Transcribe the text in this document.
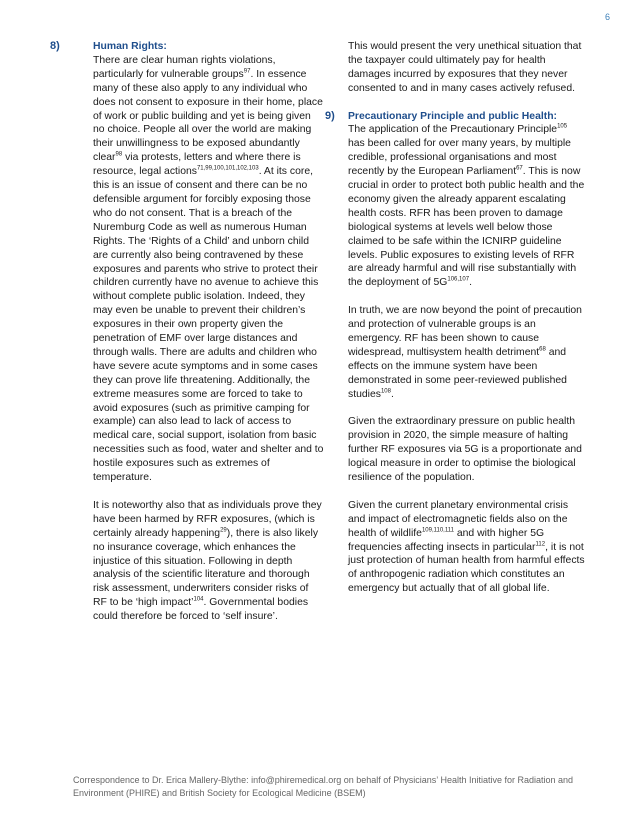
6
8)	Human Rights:

There are clear human rights violations, particularly for vulnerable groups$^{97}$. In essence many of these also apply to any individual who does not consent to exposure in their home, place of work or public building and yet is being given no choice. People all over the world are making their unwillingness to be exposed abundantly clear$^{98}$ via protests, letters and where there is resource, legal actions$^{71,99,100,101,102,103}$. At its core, this is an issue of consent and there can be no defensible argument for forcibly exposing those who do not consent. That is a breach of the Nuremburg Code as well as numerous Human Rights. The ‘Rights of a Child’ and unborn child are currently also being contravened by these exposures and parents who strive to protect their children currently have no avenue to achieve this without complete public isolation. Indeed, they may even be unable to prevent their children’s exposures in their own property given the penetration of EMF over large distances and through walls. There are adults and children who have severe acute symptoms and in some cases they can prove life threatening. Additionally, the extreme measures some are forced to take to avoid exposures (such as primitive camping for example) can also lead to lack of access to medical care, social support, isolation from basic necessities such as food, water and shelter and to hostile exposures such as extremes of temperature.

It is noteworthy also that as individuals prove they have been harmed by RFR exposures, (which is certainly already happening$^{29}$), there is also likely no insurance coverage, which enhances the injustice of this situation. Following in depth analysis of the scientific literature and thorough risk assessment, underwriters consider risks of RF to be ‘high impact’$^{104}$. Governmental bodies could therefore be forced to ‘self insure’.

This would present the very unethical situation that the taxpayer could ultimately pay for health damages incurred by exposures that they never consented to and in many cases actively refused.

9) Precautionary Principle and public Health:

The application of the Precautionary Principle$^{105}$ has been called for over many years, by multiple credible, professional organisations and most recently by the European Parliament$^{67}$. This is now crucial in order to protect both public health and the economy given the already apparent escalating health costs. RFR has been proven to damage biological systems at levels well below those claimed to be safe within the ICNIRP guideline levels. Public exposures to existing levels of RFR are already harmful and will rise substantially with the deployment of $5G^{106,107}$.

In truth, we are now beyond the point of precaution and protection of vulnerable groups is an emergency. RF has been shown to cause widespread, multisystem health detriment$^{68}$ and effects on the immune system have been demonstrated in some peer-reviewed published studies$^{108}$.

Given the extraordinary pressure on public health provision in 2020, the simple measure of halting further RF exposures via 5G is a proportionate and logical measure in order to optimise the biological resilience of the population.

Given the current planetary environmental crisis and impact of electromagnetic fields also on the health of wildlife$^{109,110,111}$ and with higher 5G frequencies affecting insects in particular$^{112}$, it is not just protection of human health from harmful effects of anthropogenic radiation which constitutes an emergency but actually that of all global life.

Correspondence to Dr. Erica Mallery-Blythe: info@phiremedical.org on behalf of Physicians’ Health Initiative for Radiation and Environment (PHIRE) and British Society for Ecological Medicine (BSEM)
